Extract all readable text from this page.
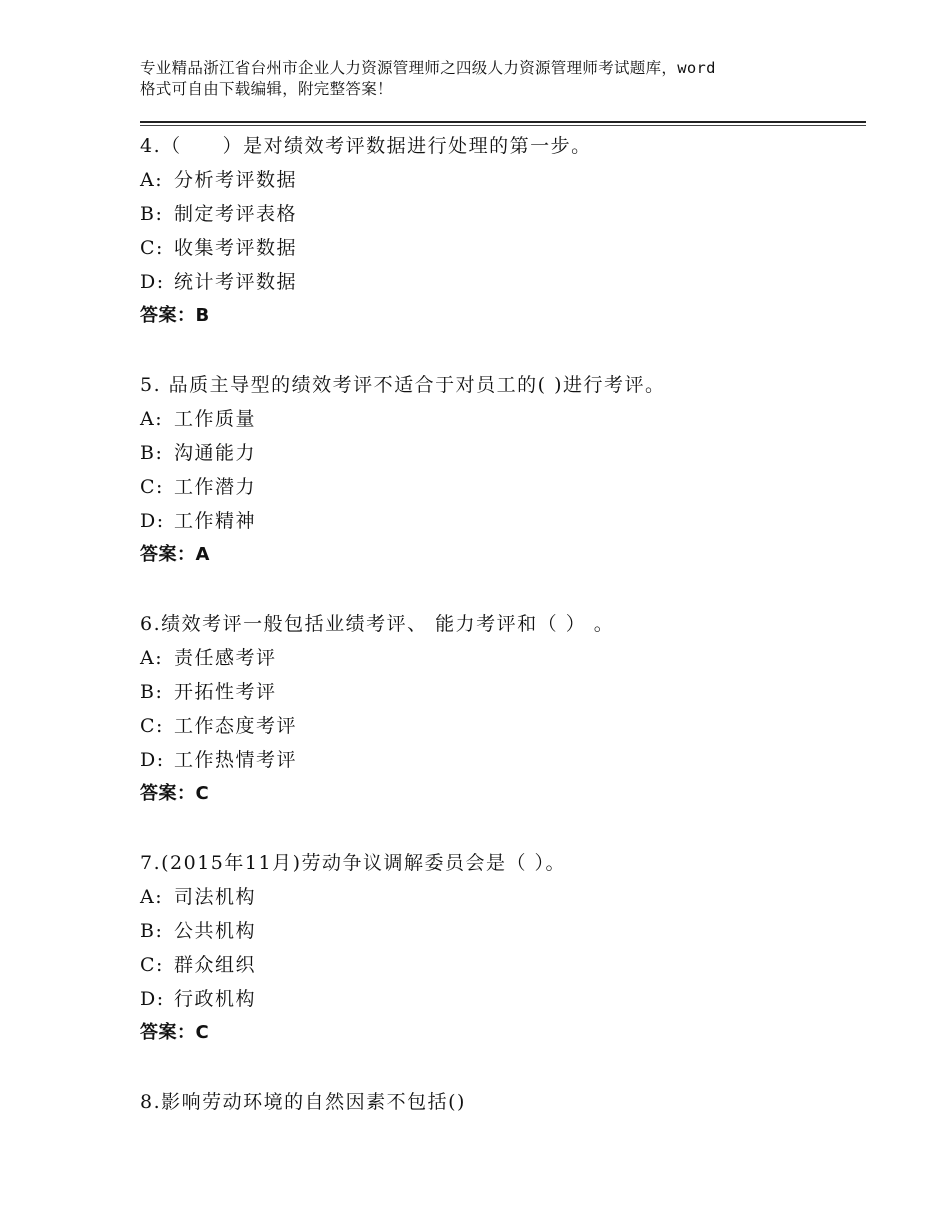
专业精品浙江省台州市企业人力资源管理师之四级人力资源管理师考试题库，word
格式可自由下载编辑，附完整答案！
4.（　　）是对绩效考评数据进行处理的第一步。
A: 分析考评数据
B: 制定考评表格
C: 收集考评数据
D: 统计考评数据
答案：B
5. 品质主导型的绩效考评不适合于对员工的( )进行考评。
A: 工作质量
B: 沟通能力
C: 工作潜力
D: 工作精神
答案：A
6.绩效考评一般包括业绩考评、 能力考评和（ ） 。
A: 责任感考评
B: 开拓性考评
C: 工作态度考评
D: 工作热情考评
答案：C
7.(2015年11月)劳动争议调解委员会是（ ）。
A: 司法机构
B: 公共机构
C: 群众组织
D: 行政机构
答案：C
8.影响劳动环境的自然因素不包括()
